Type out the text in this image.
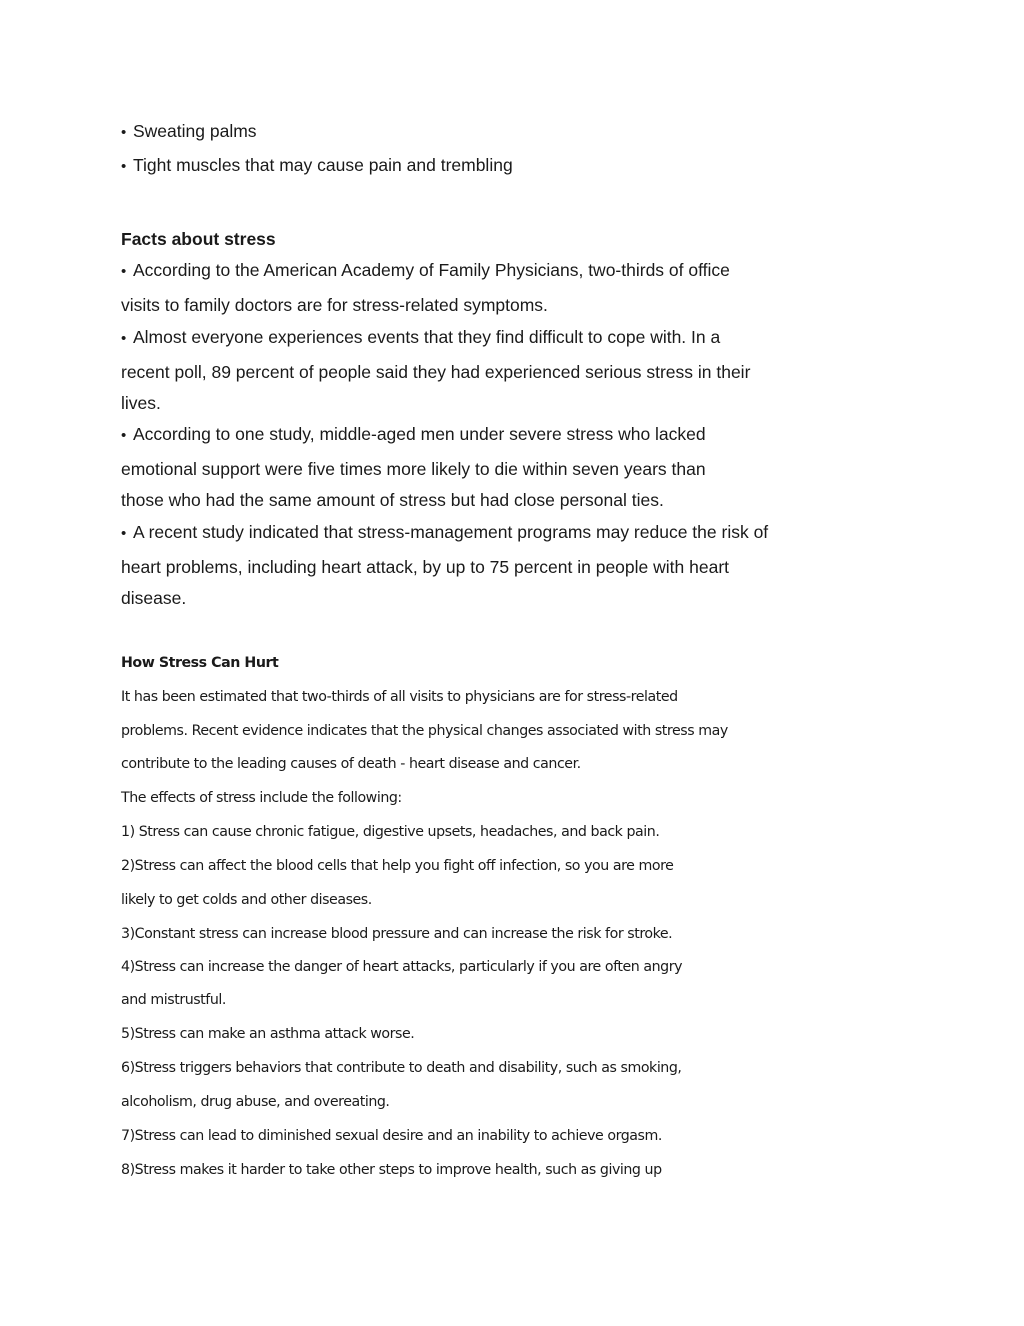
• Sweating palms
• Tight muscles that may cause pain and trembling
Facts about stress
• According to the American Academy of Family Physicians, two-thirds of office
visits to family doctors are for stress-related symptoms.
• Almost everyone experiences events that they find difficult to cope with. In a
recent poll, 89 percent of people said they had experienced serious stress in their
lives.
• According to one study, middle-aged men under severe stress who lacked
emotional support were five times more likely to die within seven years than
those who had the same amount of stress but had close personal ties.
• A recent study indicated that stress-management programs may reduce the risk of
heart problems, including heart attack, by up to 75 percent in people with heart
disease.
How Stress Can Hurt
It has been estimated that two-thirds of all visits to physicians are for stress-related
problems. Recent evidence indicates that the physical changes associated with stress may
contribute to the leading causes of death - heart disease and cancer.
The effects of stress include the following:
1) Stress can cause chronic fatigue, digestive upsets, headaches, and back pain.
2)Stress can affect the blood cells that help you fight off infection, so you are more
likely to get colds and other diseases.
3)Constant stress can increase blood pressure and can increase the risk for stroke.
4)Stress can increase the danger of heart attacks, particularly if you are often angry
and mistrustful.
5)Stress can make an asthma attack worse.
6)Stress triggers behaviors that contribute to death and disability, such as smoking,
alcoholism, drug abuse, and overeating.
7)Stress can lead to diminished sexual desire and an inability to achieve orgasm.
8)Stress makes it harder to take other steps to improve health, such as giving up
